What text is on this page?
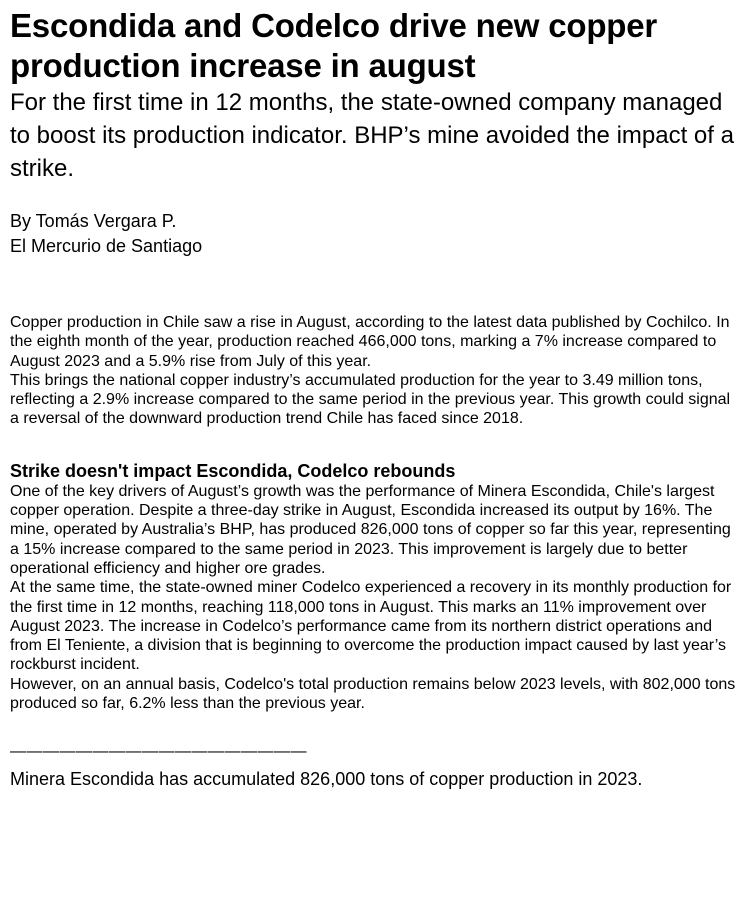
Escondida and Codelco drive new copper production increase in august
For the first time in 12 months, the state-owned company managed to boost its production indicator. BHP’s mine avoided the impact of a strike.
By Tomás Vergara P.
El Mercurio de Santiago

Copper production in Chile saw a rise in August, according to the latest data published by Cochilco. In the eighth month of the year, production reached 466,000 tons, marking a 7% increase compared to August 2023 and a 5.9% rise from July of this year.

This brings the national copper industry’s accumulated production for the year to 3.49 million tons, reflecting a 2.9% increase compared to the same period in the previous year. This growth could signal a reversal of the downward production trend Chile has faced since 2018.

Strike doesn't impact Escondida, Codelco rebounds

One of the key drivers of August’s growth was the performance of Minera Escondida, Chile's largest copper operation. Despite a three-day strike in August, Escondida increased its output by 16%. The mine, operated by Australia’s BHP, has produced 826,000 tons of copper so far this year, representing a 15% increase compared to the same period in 2023. This improvement is largely due to better operational efficiency and higher ore grades.

At the same time, the state-owned miner Codelco experienced a recovery in its monthly production for the first time in 12 months, reaching 118,000 tons in August. This marks an 11% improvement over August 2023. The increase in Codelco’s performance came from its northern district operations and from El Teniente, a division that is beginning to overcome the production impact caused by last year’s rockburst incident.

However, on an annual basis, Codelco's total production remains below 2023 levels, with 802,000 tons produced so far, 6.2% less than the previous year.

——————————————————
Minera Escondida has accumulated 826,000 tons of copper production in 2023.
